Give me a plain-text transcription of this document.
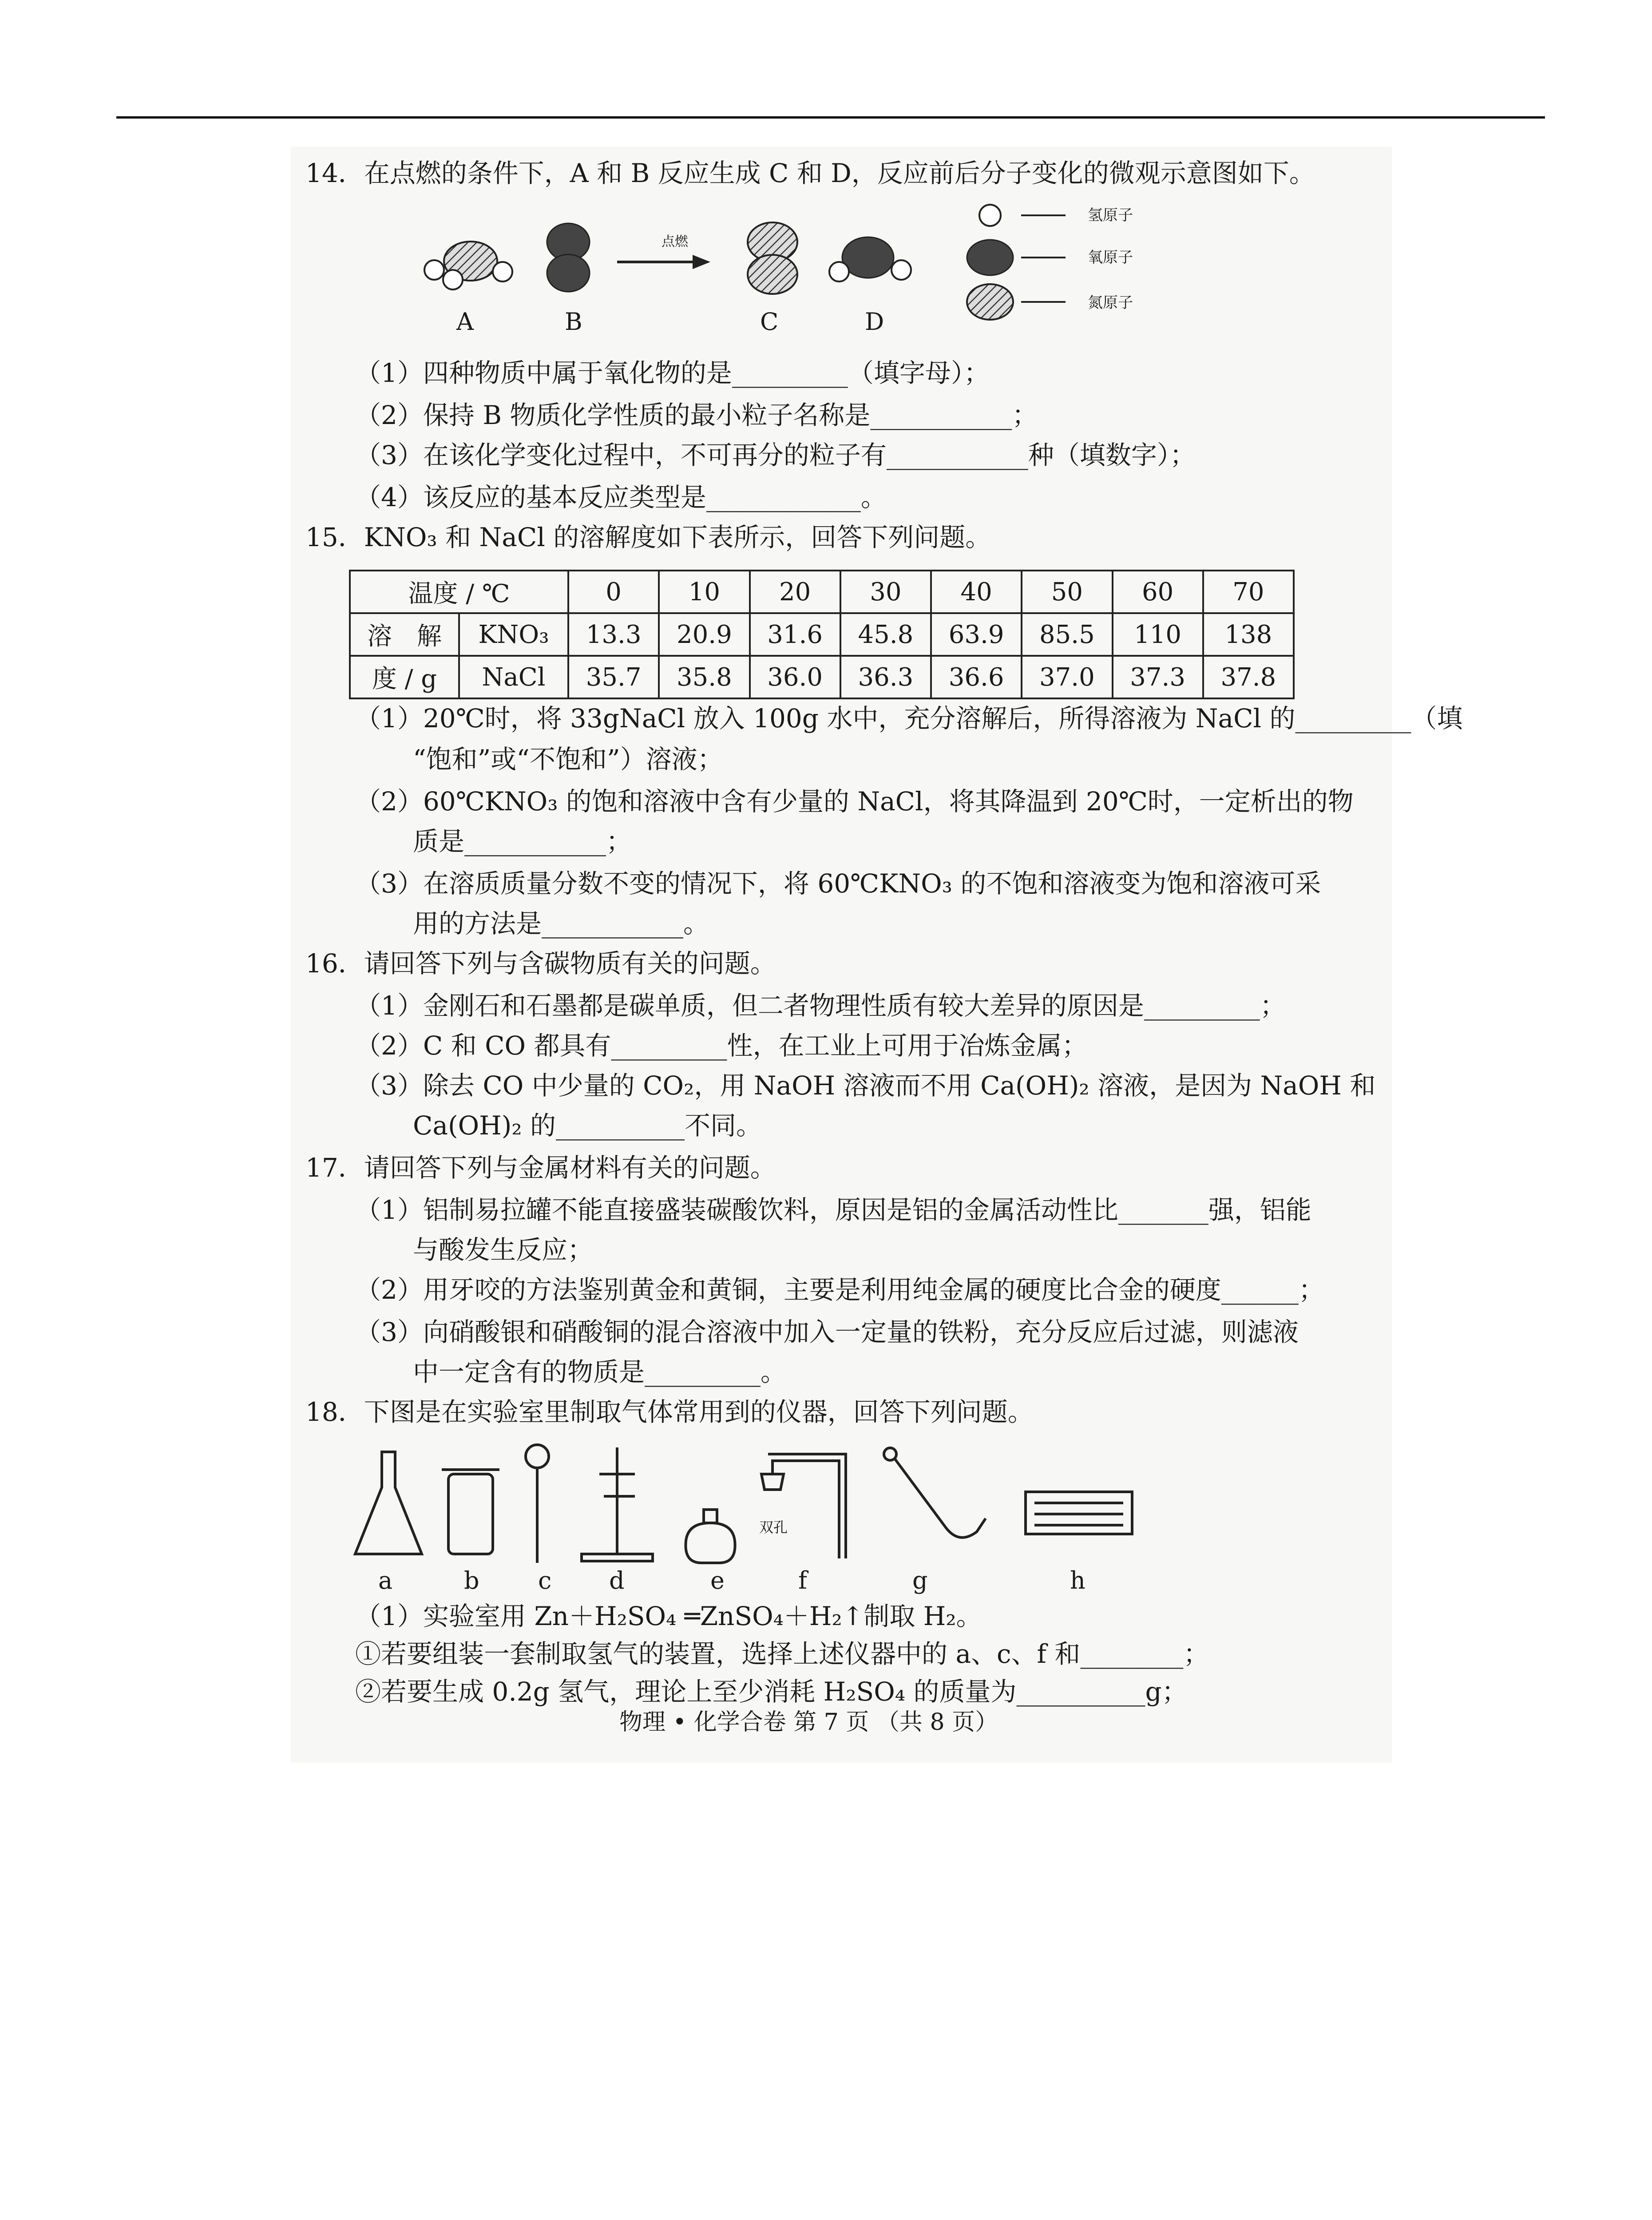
14．在点燃的条件下，A 和 B 反应生成 C 和 D，反应前后分子变化的微观示意图如下。
点燃
A	B	C	D
氢原子
氧原子
氮原子
（1）四种物质中属于氧化物的是_________（填字母）；
（2）保持 B 物质化学性质的最小粒子名称是___________；
（3）在该化学变化过程中，不可再分的粒子有___________种（填数字）；
（4）该反应的基本反应类型是____________。
15．KNO₃ 和 NaCl 的溶解度如下表所示，回答下列问题。
温度 / ℃		0	10	20	30	40	50	60	70
溶　解	KNO₃	13.3	20.9	31.6	45.8	63.9	85.5	110	138
度 / g	NaCl	35.7	35.8	36.0	36.3	36.6	37.0	37.3	37.8
（1）20℃时，将 33gNaCl 放入 100g 水中，充分溶解后，所得溶液为 NaCl 的_________（填
“饱和”或“不饱和”）溶液；
（2）60℃KNO₃ 的饱和溶液中含有少量的 NaCl，将其降温到 20℃时，一定析出的物
质是___________；
（3）在溶质质量分数不变的情况下，将 60℃KNO₃ 的不饱和溶液变为饱和溶液可采
用的方法是___________。
16．请回答下列与含碳物质有关的问题。
（1）金刚石和石墨都是碳单质，但二者物理性质有较大差异的原因是_________；
（2）C 和 CO 都具有_________性，在工业上可用于冶炼金属；
（3）除去 CO 中少量的 CO₂，用 NaOH 溶液而不用 Ca(OH)₂ 溶液，是因为 NaOH 和
Ca(OH)₂ 的__________不同。
17．请回答下列与金属材料有关的问题。
（1）铝制易拉罐不能直接盛装碳酸饮料，原因是铝的金属活动性比_______强，铝能
与酸发生反应；
（2）用牙咬的方法鉴别黄金和黄铜，主要是利用纯金属的硬度比合金的硬度______；
（3）向硝酸银和硝酸铜的混合溶液中加入一定量的铁粉，充分反应后过滤，则滤液
中一定含有的物质是_________。
18．下图是在实验室里制取气体常用到的仪器，回答下列问题。
双孔
a	b c d	e	f	g	h
（1）实验室用 Zn＋H₂SO₄ ═ZnSO₄＋H₂↑制取 H₂。
①若要组装一套制取氢气的装置，选择上述仪器中的 a、c、f 和________；
②若要生成 0.2g 氢气，理论上至少消耗 H₂SO₄ 的质量为__________g；
物理 • 化学合卷 第 7 页 （共 8 页）
